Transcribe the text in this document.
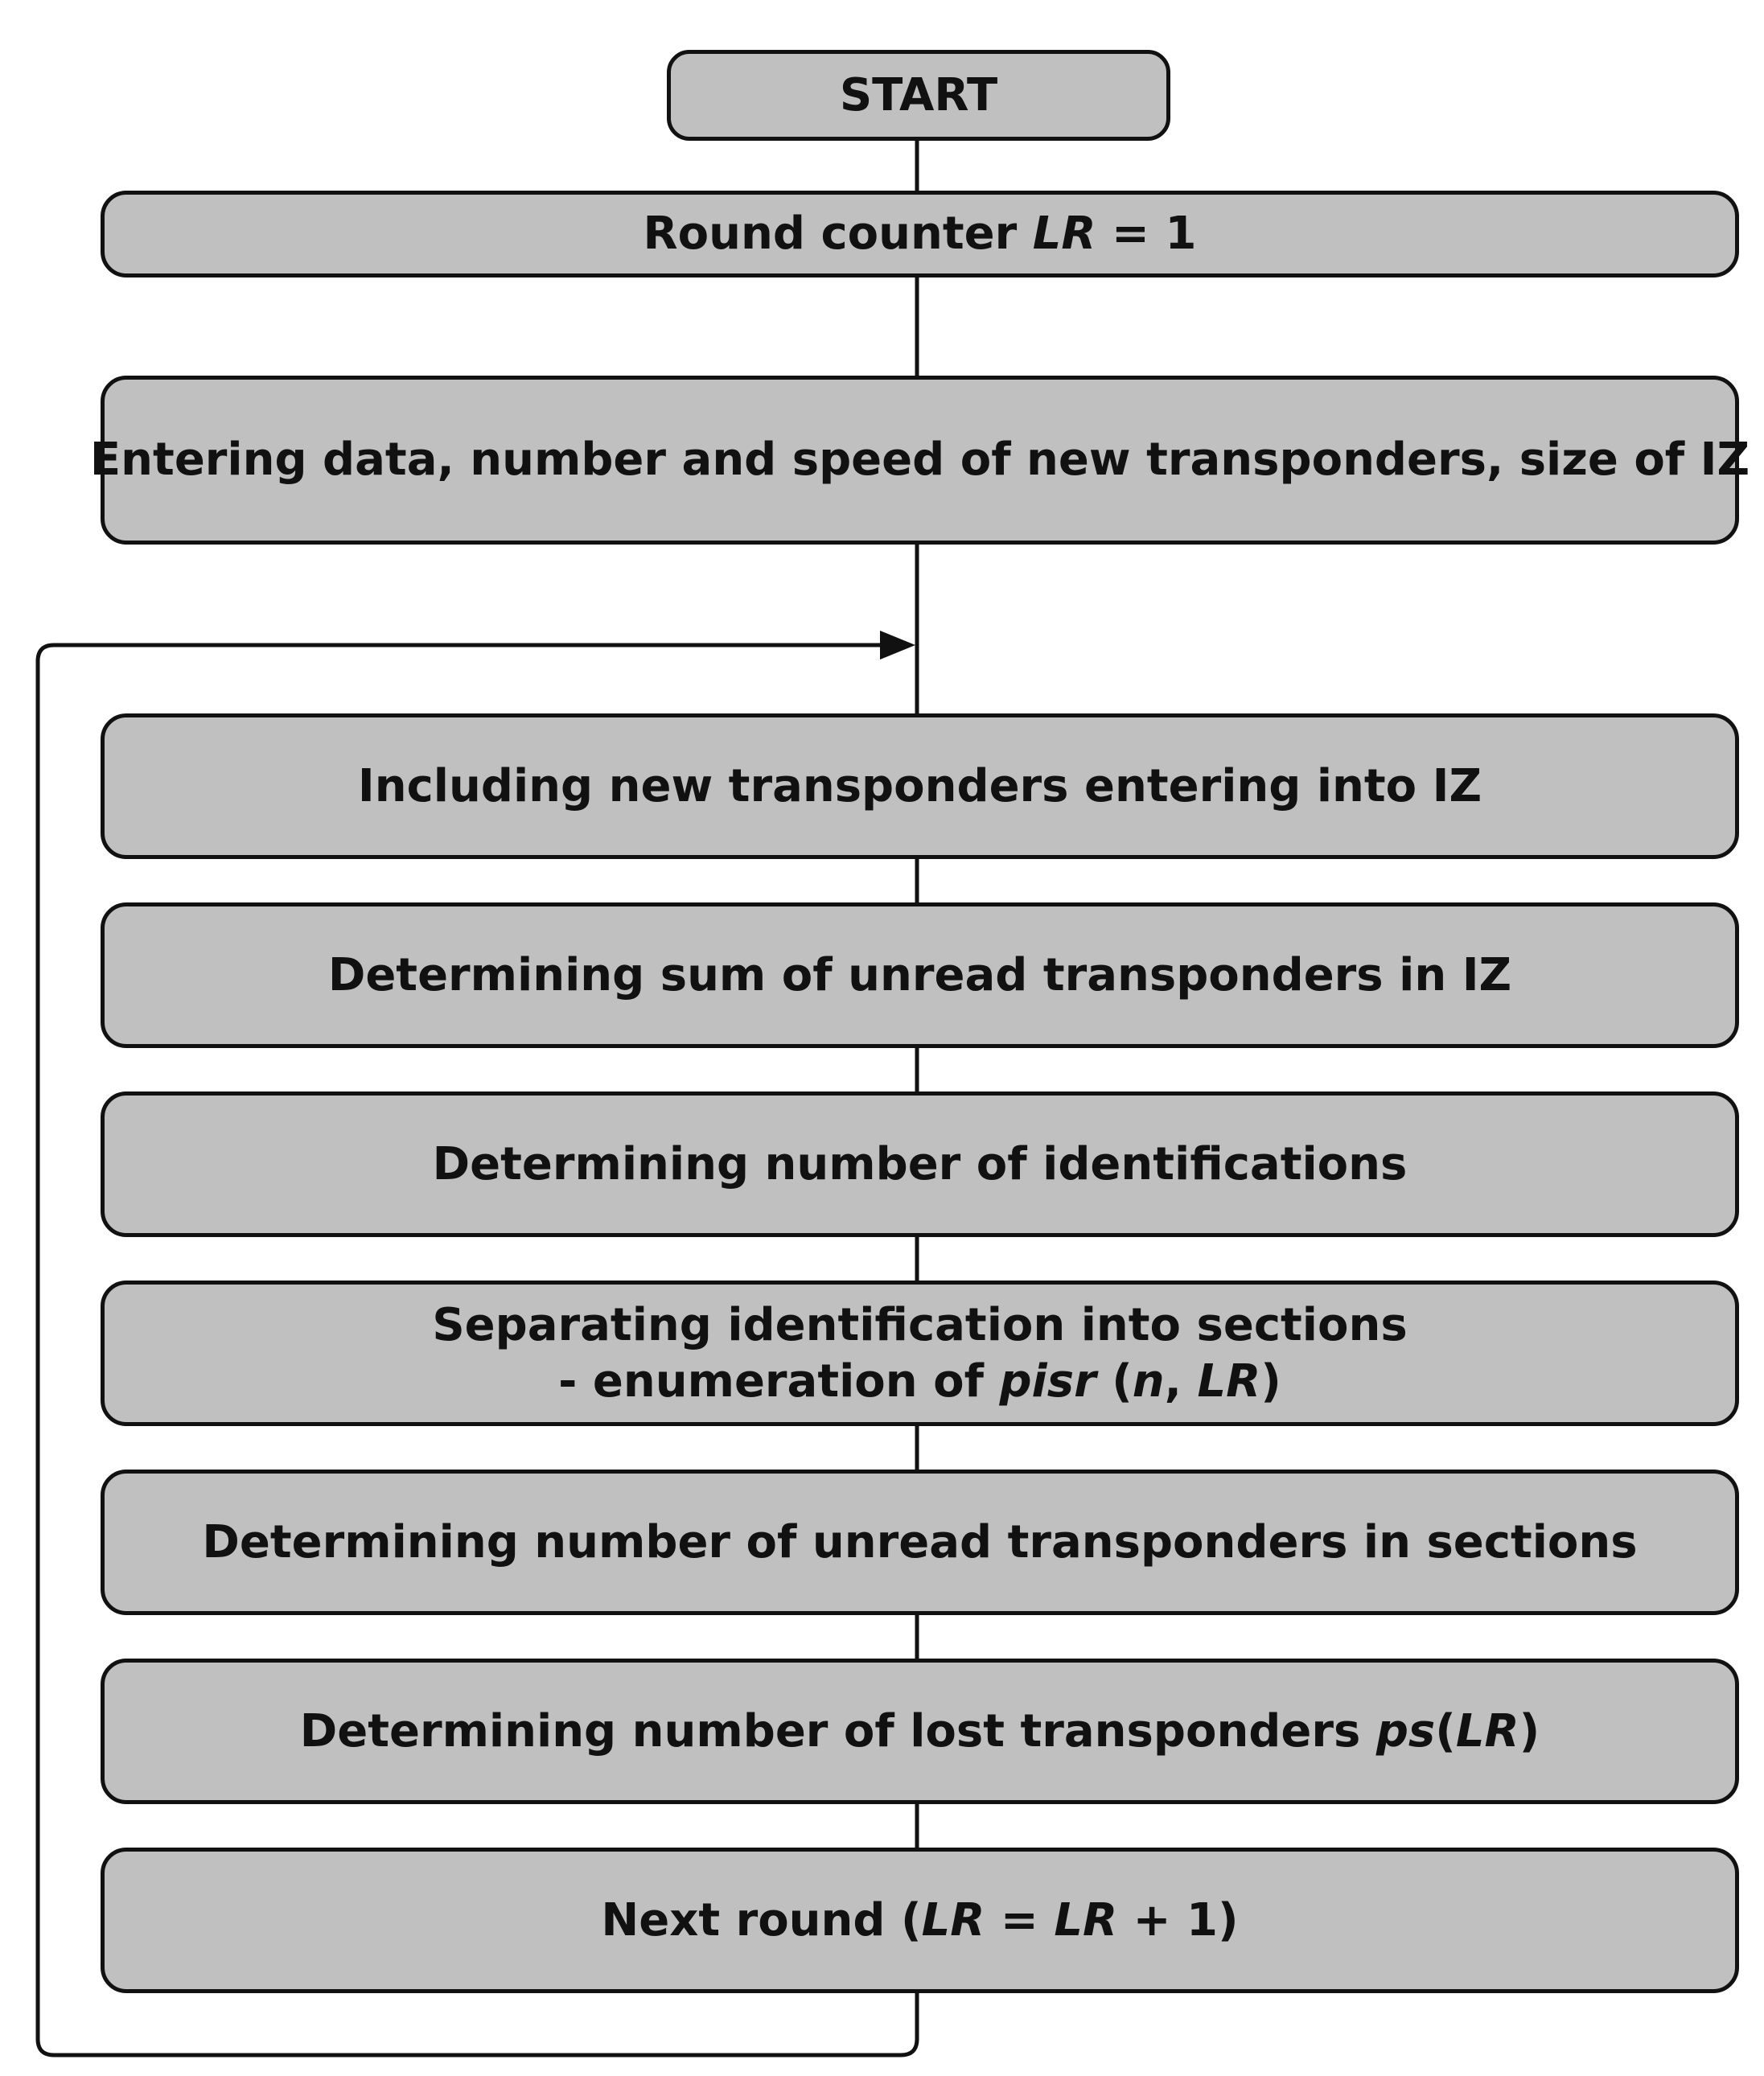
START
Round counter LR = 1
Entering data, number and speed of new transponders, size of IZ
Including new transponders entering into IZ
Determining sum of unread transponders in IZ
Determining number of identifications
Separating identification into sections
- enumeration of pisr (n, LR)
Determining number of unread transponders in sections
Determining number of lost transponders ps(LR)
Next round (LR = LR + 1)
